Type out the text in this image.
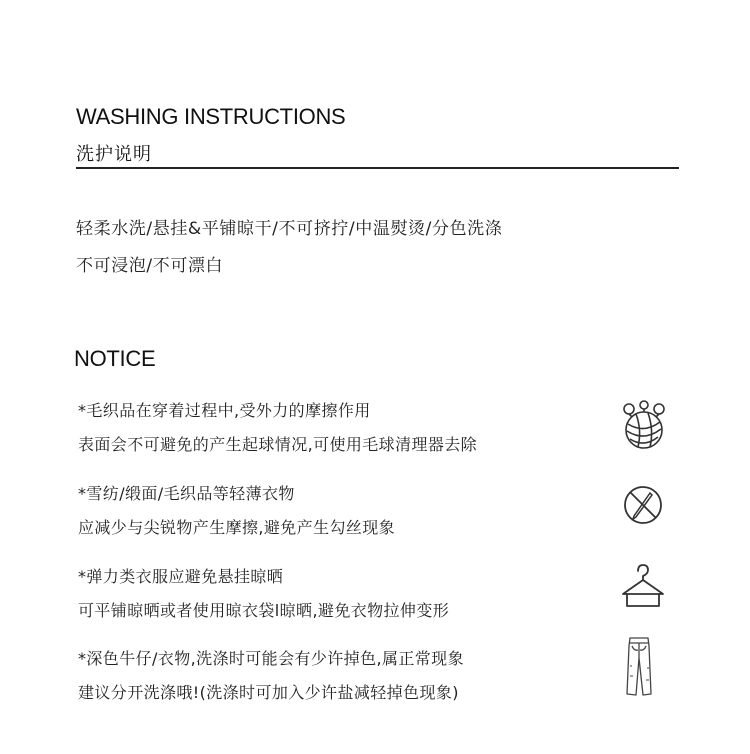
WASHING INSTRUCTIONS
洗护说明
轻柔水洗/悬挂&平铺晾干/不可挤拧/中温熨烫/分色洗涤
不可浸泡/不可漂白
NOTICE
*毛织品在穿着过程中,受外力的摩擦作用
表面会不可避免的产生起球情况,可使用毛球清理器去除
*雪纺/缎面/毛织品等轻薄衣物
应减少与尖锐物产生摩擦,避免产生勾丝现象
*弹力类衣服应避免悬挂晾晒
可平铺晾晒或者使用晾衣袋l晾晒,避免衣物拉伸变形
*深色牛仔/衣物,洗涤时可能会有少许掉色,属正常现象
建议分开洗涤哦!(洗涤时可加入少许盐减轻掉色现象)
